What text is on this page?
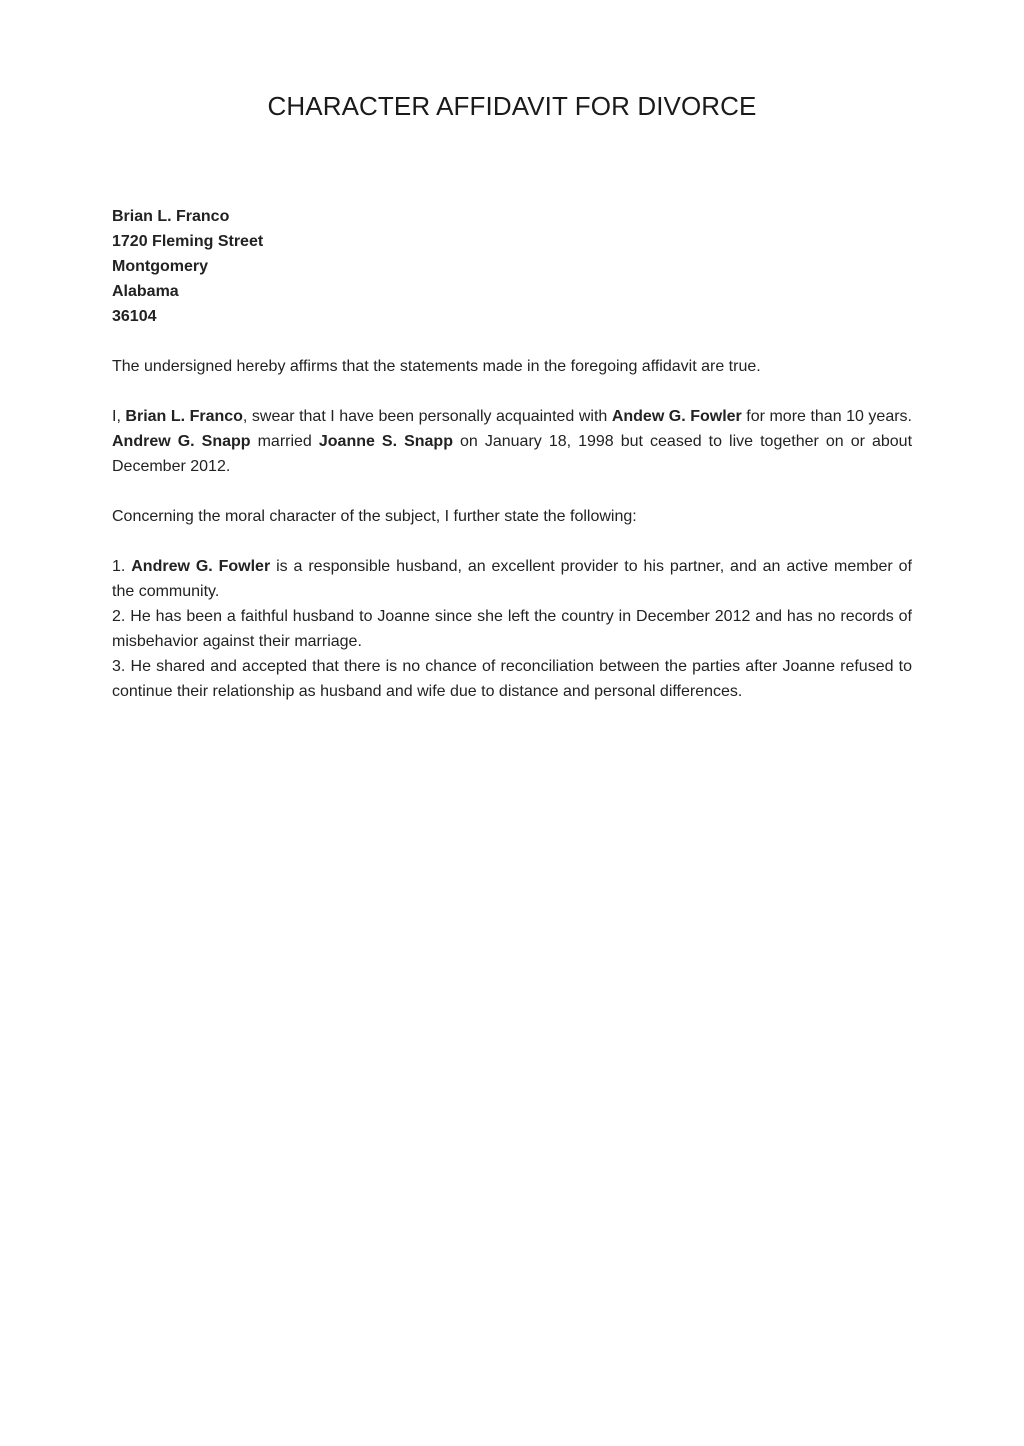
CHARACTER AFFIDAVIT FOR DIVORCE
Brian L. Franco
1720 Fleming Street
Montgomery
Alabama
36104

The undersigned hereby affirms that the statements made in the foregoing affidavit are true.

I, Brian L. Franco, swear that I have been personally acquainted with Andew G. Fowler for more than 10 years. Andrew G. Snapp married Joanne S. Snapp on January 18, 1998 but ceased to live together on or about December 2012.

Concerning the moral character of the subject, I further state the following:

1. Andrew G. Fowler is a responsible husband, an excellent provider to his partner, and an active member of the community.
2. He has been a faithful husband to Joanne since she left the country in December 2012 and has no records of misbehavior against their marriage.
3. He shared and accepted that there is no chance of reconciliation between the parties after Joanne refused to continue their relationship as husband and wife due to distance and personal differences.
